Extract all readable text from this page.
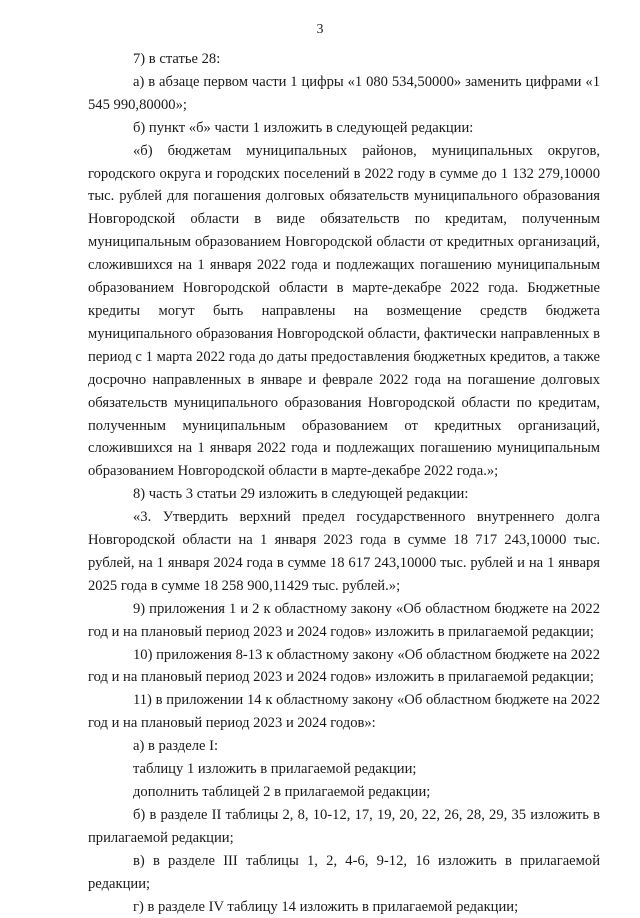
3

7) в статье 28:

а) в абзаце первом части 1 цифры «1 080 534,50000» заменить цифрами «1 545 990,80000»;

б) пункт «б» части 1 изложить в следующей редакции:

«б) бюджетам муниципальных районов, муниципальных округов, городского округа и городских поселений в 2022 году в сумме до 1 132 279,10000 тыс. рублей для погашения долговых обязательств муниципального образования Новгородской области в виде обязательств по кредитам, полученным муниципальным образованием Новгородской области от кредитных организаций, сложившихся на 1 января 2022 года и подлежащих погашению муниципальным образованием Новгородской области в марте-декабре 2022 года. Бюджетные кредиты могут быть направлены на возмещение средств бюджета муниципального образования Новгородской области, фактически направленных в период с 1 марта 2022 года до даты предоставления бюджетных кредитов, а также досрочно направленных в январе и феврале 2022 года на погашение долговых обязательств муниципального образования Новгородской области по кредитам, полученным муниципальным образованием от кредитных организаций, сложившихся на 1 января 2022 года и подлежащих погашению муниципальным образованием Новгородской области в марте-декабре 2022 года.»;

8) часть 3 статьи 29 изложить в следующей редакции:

«3. Утвердить верхний предел государственного внутреннего долга Новгородской области на 1 января 2023 года в сумме 18 717 243,10000 тыс. рублей, на 1 января 2024 года в сумме 18 617 243,10000 тыс. рублей и на 1 января 2025 года в сумме 18 258 900,11429 тыс. рублей.»;

9) приложения 1 и 2 к областному закону «Об областном бюджете на 2022 год и на плановый период 2023 и 2024 годов» изложить в прилагаемой редакции;

10) приложения 8-13 к областному закону «Об областном бюджете на 2022 год и на плановый период 2023 и 2024 годов» изложить в прилагаемой редакции;

11) в приложении 14 к областному закону «Об областном бюджете на 2022 год и на плановый период 2023 и 2024 годов»:

а) в разделе I:

таблицу 1 изложить в прилагаемой редакции;

дополнить таблицей 2 в прилагаемой редакции;

б) в разделе II таблицы 2, 8, 10-12, 17, 19, 20, 22, 26, 28, 29, 35 изложить в прилагаемой редакции;

в) в разделе III таблицы 1, 2, 4-6, 9-12, 16 изложить в прилагаемой редакции;

г) в разделе IV таблицу 14 изложить в прилагаемой редакции;
